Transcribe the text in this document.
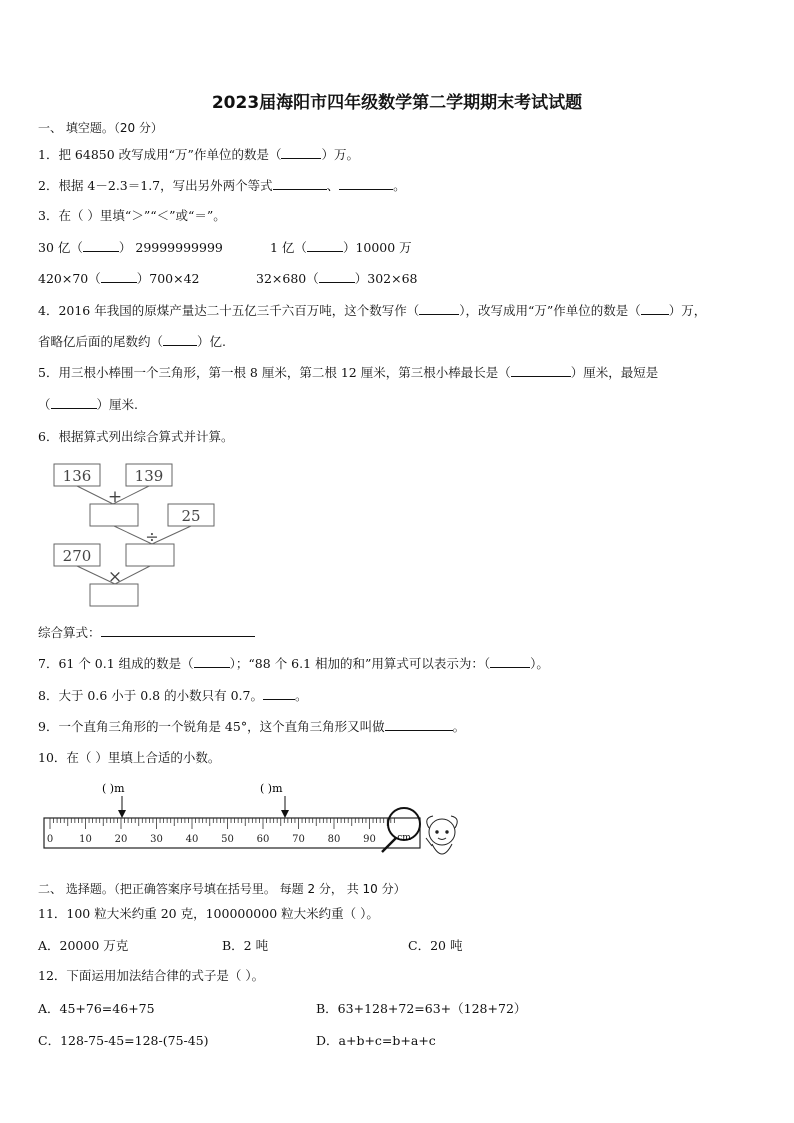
2023届海阳市四年级数学第二学期期末考试试题
一、 填空题。（20 分）
1．把 64850 改写成用“万”作单位的数是（	）万。
2．根据 4－2.3＝1.7，写出另外两个等式	、	。
3．在（ ）里填“＞”“＜”或“＝”。
30 亿（	） 29999999999	1 亿（	）10000 万
420×70（	）700×42	32×680（	）302×68
4．2016 年我国的原煤产量达二十五亿三千六百万吨，这个数写作（	），改写成用“万”作单位的数是（ ）万，
省略亿后面的尾数约（	）亿.
5．用三根小棒围一个三角形，第一根 8 厘米，第二根 12 厘米，第三根小棒最长是（	）厘米，最短是
（	）厘米.
6．根据算式列出综合算式并计算。
136	139
25
270
+
÷
×
综合算式：
7．61 个 0.1 组成的数是（	）；“88 个 6.1 相加的和”用算式可以表示为：（	）。
8．大于 0.6 小于 0.8 的小数只有 0.7。	。
9．一个直角三角形的一个锐角是 45°，这个直角三角形又叫做	。
10．在（ ）里填上合适的小数。
( )m	( )m
0	10 20 30 40 50 60 70 80 90 cm
二、 选择题。（把正确答案序号填在括号里。 每题 2 分， 共 10 分）
11．100 粒大米约重 20 克，100000000 粒大米约重（ ）。
A．20000 万克	B．2 吨	C．20 吨
12．下面运用加法结合律的式子是（ ）。
A．45+76=46+75	B．63+128+72=63+（128+72）
C．128-75-45=128-(75-45)	D．a+b+c=b+a+c
